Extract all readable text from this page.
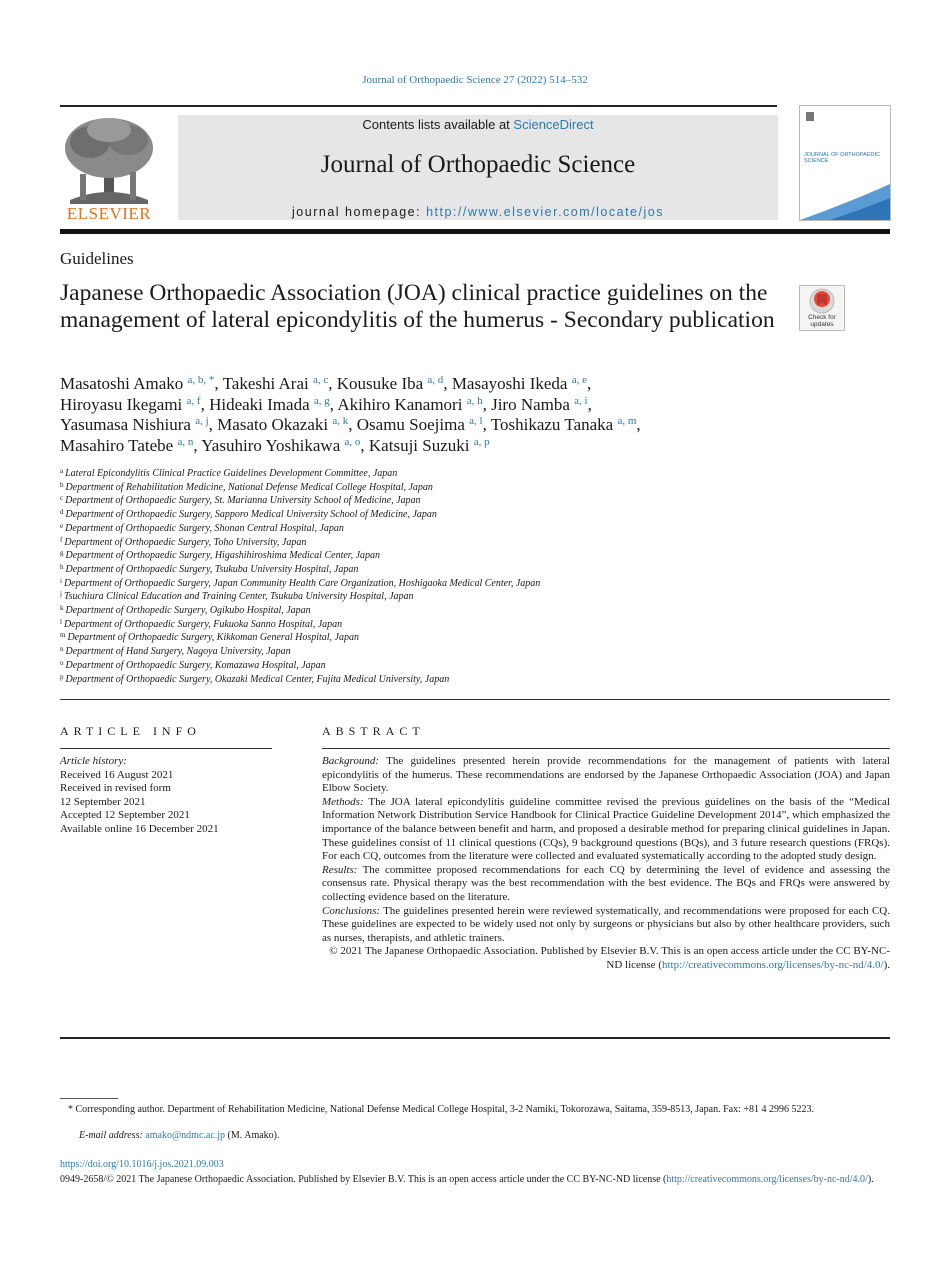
Journal of Orthopaedic Science 27 (2022) 514–532
ELSEVIER
Contents lists available at ScienceDirect
Journal of Orthopaedic Science
journal homepage: http://www.elsevier.com/locate/jos
JOURNAL OF ORTHOPAEDIC SCIENCE
Guidelines
Japanese Orthopaedic Association (JOA) clinical practice guidelines on the management of lateral epicondylitis of the humerus - Secondary publication	Check for updates
Masatoshi Amako $^{a, b, *}$, Takeshi Arai $^{a, c}$, Kousuke Iba $^{a, d}$, Masayoshi Ikeda $^{a, e}$,
Hiroyasu Ikegami $^{a, f}$, Hideaki Imada $^{a, g}$, Akihiro Kanamori $^{a, h}$, Jiro Namba $^{a, i}$,
Yasumasa Nishiura $^{a, j}$, Masato Okazaki $^{a, k}$, Osamu Soejima $^{a, l}$, Toshikazu Tanaka $^{a, m}$,
Masahiro Tatebe $^{a, n}$, Yasuhiro Yoshikawa $^{a, o}$, Katsuji Suzuki $^{a, p}$
$^a$ Lateral Epicondylitis Clinical Practice Guidelines Development Committee, Japan
$^b$ Department of Rehabilitation Medicine, National Defense Medical College Hospital, Japan
$^c$ Department of Orthopaedic Surgery, St. Marianna University School of Medicine, Japan
$^d$ Department of Orthopaedic Surgery, Sapporo Medical University School of Medicine, Japan
$^e$ Department of Orthopaedic Surgery, Shonan Central Hospital, Japan
$^f$ Department of Orthopaedic Surgery, Toho University, Japan
$^g$ Department of Orthopaedic Surgery, Higashihiroshima Medical Center, Japan
$^h$ Department of Orthopaedic Surgery, Tsukuba University Hospital, Japan
$^i$ Department of Orthopaedic Surgery, Japan Community Health Care Organization, Hoshigaoka Medical Center, Japan
$^j$ Tsuchiura Clinical Education and Training Center, Tsukuba University Hospital, Japan
$^k$ Department of Orthopedic Surgery, Ogikubo Hospital, Japan
$^l$ Department of Orthopaedic Surgery, Fukuoka Sanno Hospital, Japan
$^m$ Department of Orthopaedic Surgery, Kikkoman General Hospital, Japan
$^n$ Department of Hand Surgery, Nagoya University, Japan
$^o$ Department of Orthopaedic Surgery, Komazawa Hospital, Japan
$^p$ Department of Orthopaedic Surgery, Okazaki Medical Center, Fujita Medical University, Japan
ARTICLE INFO	ABSTRACT
Article history:
Received 16 August 2021
Received in revised form
12 September 2021
Accepted 12 September 2021
Available online 16 December 2021

Background: The guidelines presented herein provide recommendations for the management of patients with lateral epicondylitis of the humerus. These recommendations are endorsed by the Japanese Orthopaedic Association (JOA) and Japan Elbow Society.

Methods: The JOA lateral epicondylitis guideline committee revised the previous guidelines on the basis of the “Medical Information Network Distribution Service Handbook for Clinical Practice Guideline Development 2014”, which emphasized the importance of the balance between benefit and harm, and proposed a desirable method for preparing clinical guidelines in Japan. These guidelines consist of 11 clinical questions (CQs), 9 background questions (BQs), and 3 future research questions (FRQs). For each CQ, outcomes from the literature were collected and evaluated systematically according to the adopted study design.

Results: The committee proposed recommendations for each CQ by determining the level of evidence and assessing the consensus rate. Physical therapy was the best recommendation with the best evidence. The BQs and FRQs were answered by collecting evidence based on the literature.

Conclusions: The guidelines presented herein were reviewed systematically, and recommendations were proposed for each CQ. These guidelines are expected to be widely used not only by surgeons or physicians but also by other healthcare providers, such as nurses, therapists, and athletic trainers.

© 2021 The Japanese Orthopaedic Association. Published by Elsevier B.V. This is an open access article under the CC BY-NC-ND license (http://creativecommons.org/licenses/by-nc-nd/4.0/).

* Corresponding author. Department of Rehabilitation Medicine, National Defense Medical College Hospital, 3-2 Namiki, Tokorozawa, Saitama, 359-8513, Japan. Fax: +81 4 2996 5223.
E-mail address: amako@ndmc.ac.jp (M. Amako).
https://doi.org/10.1016/j.jos.2021.09.003
0949-2658/© 2021 The Japanese Orthopaedic Association. Published by Elsevier B.V. This is an open access article under the CC BY-NC-ND license (http://creativecommons.org/licenses/by-nc-nd/4.0/).
